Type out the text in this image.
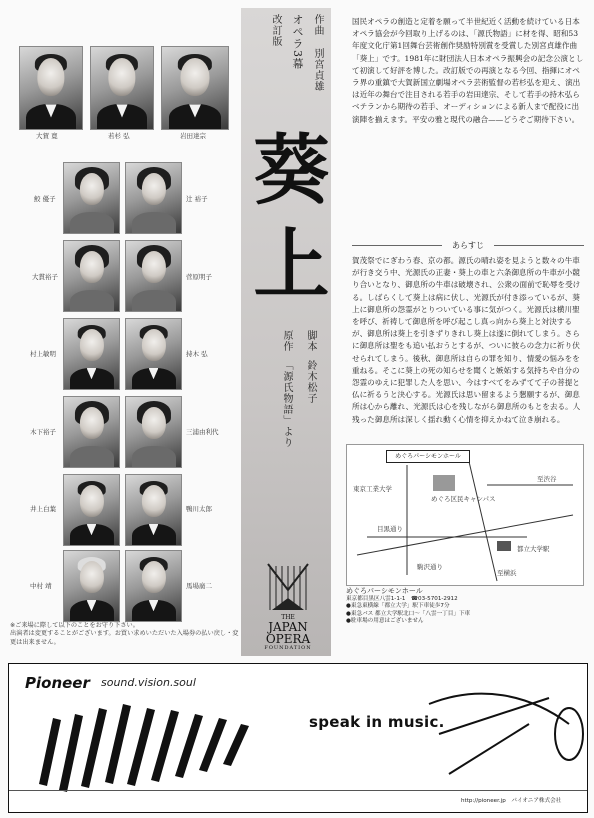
大賀 寛	若杉 弘	岩田達宗
鮫 優子	辻 裕子
大貫裕子	菅原明子
村上敏明	持木 弘
木下裕子	三浦由利代
井上白葉	鴨川太郎
中村 靖	馬場廣二
作曲
別宮貞雄
オペラ3幕
改訂版
葵上
脚本
鈴木松子
原作
「源氏物語」より
THE
JAPAN
OPERA
FOUNDATION
国民オペラの創造と定着を願って半世紀近く活動を続けている日本オペラ協会が今回取り上げるのは、「源氏物語」に材を得、昭和53年度文化庁第1回舞台芸術創作奨励特別賞を受賞した別宮貞雄作曲「葵上」です。1981年に財団法人日本オペラ振興会の記念公演として初演して好評を博した。改訂版での再演となる今回、指揮にオペラ界の重鎮で大賀新国立劇場オペラ芸術監督の若杉弘を迎え、演出は近年の舞台で注目される若手の岩田達宗、そして若手の持木弘らベテランから期待の若手、オーディションによる新人まで配役に出演陣を揃えます。平安の雅と現代の融合——どうぞご期待下さい。
あらすじ
賀茂祭でにぎわう春、京の都。源氏の晴れ姿を見ようと数々の牛車が行き交う中、光源氏の正妻・葵上の車と六条御息所の牛車が小競り合いとなり、御息所の牛車は破壊され、公衆の面前で恥辱を受ける。しばらくして葵上は病に伏し、光源氏が付き添っているが、葵上に御息所の怨霊がとりついている事に気がつく。光源氏は横川聖を呼び、祈祷して御息所を呼び起こし真っ向から葵上と対決するが、御息所は葵上を引きずりきれし葵上は遂に倒れてしまう。さらに御息所は聖をも追い払おうとするが、ついに彼らの念力に祈り伏せられてしまう。後秋、御息所は自らの罪を知り、情愛の悩みをを重ねる。そこに葵上の死の知らせを聞くと嫉妬する気持ちや自分の怨霊のゆえに犯罪した人を思い、今はすべてをみずてて子の菩提と仏に祈るうと決心する。光源氏は思い留まるよう懇願するが、御息所は心から離れ、光源氏は心を残しながら御息所のもとを去る。人残った御息所は深しく揺れ動く心情を抑えかねて泣き崩れる。
東京工業大学
都立大学駅
目黒通り
至渋谷
至横浜
駒沢通り
めぐろ区民キャンパス
めぐろパーシモンホール
めぐろパーシモンホール
東京都目黒区八雲1-1-1　☎03-5701-2912
●東急東横線「都立大学」駅下車徒歩7分
●東急バス 都立大学駅北口〜「八雲一丁目」下車
●駐車場の用意はございません
※ご来場に際して以下のことをお守り下さい。
出演者は変更することがございます。お買い求めいただいた入場券の払い戻し・変更は出来ません。
Pioneer sound.vision.soul
speak in music.
http://pioneer.jp　パイオニア株式会社
